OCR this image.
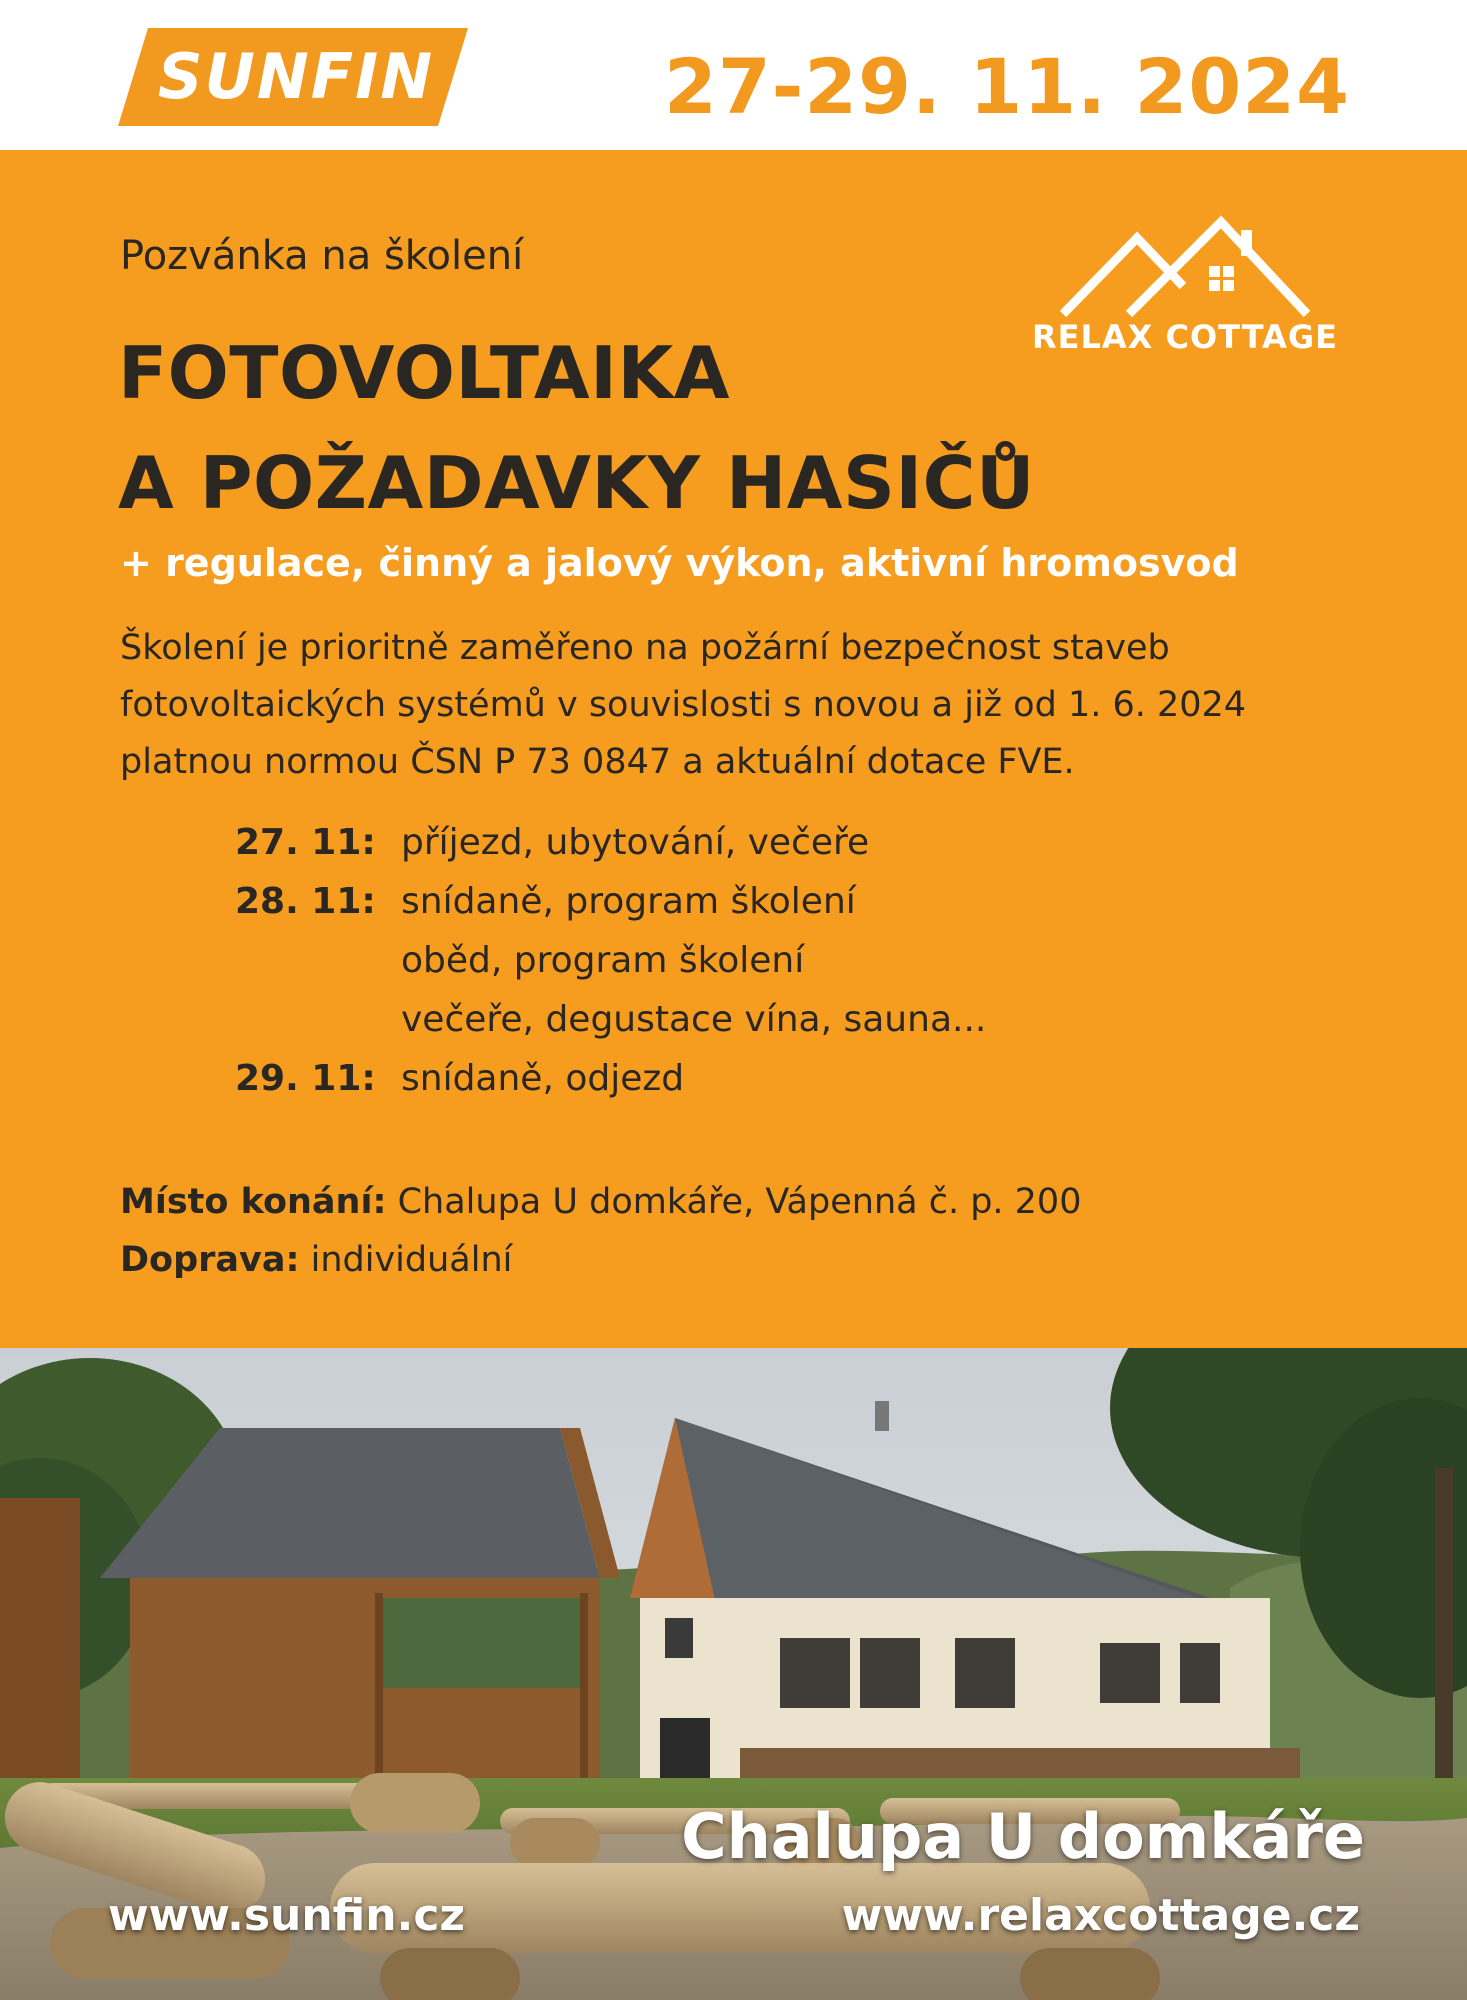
SUNFIN	27-29. 11. 2024
Pozvánka na školení
FOTOVOLTAIKA
A POŽADAVKY HASIČŮ
+ regulace, činný a jalový výkon, aktivní hromosvod
Školení je prioritně zaměřeno na požární bezpečnost staveb
fotovoltaických systémů v souvislosti s novou a již od 1. 6. 2024
platnou normou ČSN P 73 0847 a aktuální dotace FVE.
RELAX COTTAGE
27. 11: příjezd, ubytování, večeře
28. 11: snídaně, program školení
oběd, program školení
večeře, degustace vína, sauna...
29. 11: snídaně, odjezd
Místo konání: Chalupa U domkáře, Vápenná č. p. 200
Doprava: individuální
Chalupa U domkáře
www.sunfin.cz	www.relaxcottage.cz
